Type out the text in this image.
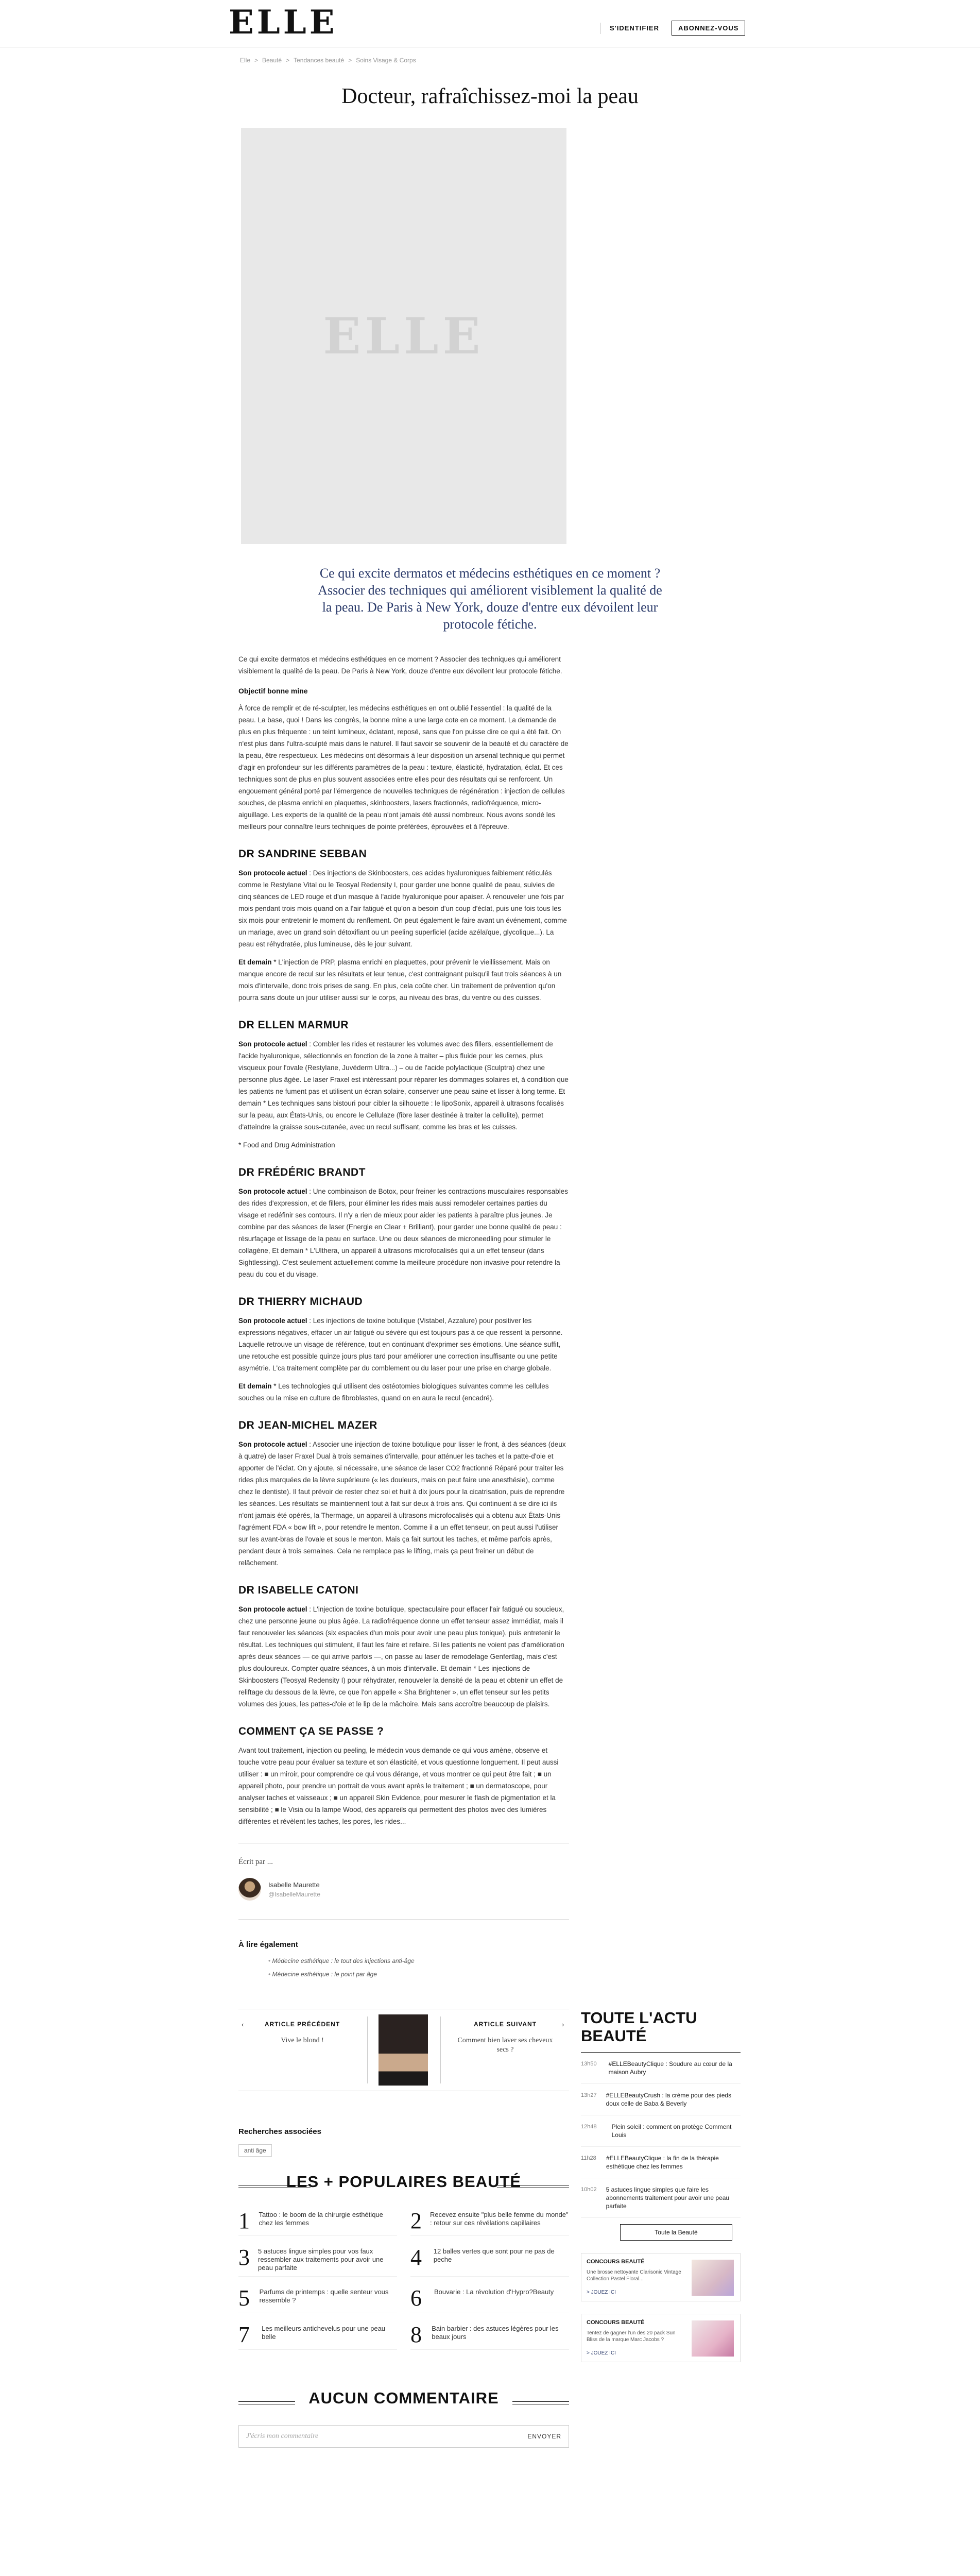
ELLE	S'IDENTIFIER	ABONNEZ-VOUS
Elle > Beauté > Tendances beauté > Soins Visage & Corps
Docteur, rafraîchissez-moi la peau
ELLE

Ce qui excite dermatos et médecins esthétiques en ce moment ? Associer des techniques qui améliorent visiblement la qualité de la peau. De Paris à New York, douze d'entre eux dévoilent leur protocole fétiche.

Ce qui excite dermatos et médecins esthétiques en ce moment ? Associer des techniques qui améliorent visiblement la qualité de la peau. De Paris à New York, douze d'entre eux dévoilent leur protocole fétiche.

Objectif bonne mine

À force de remplir et de ré-sculpter, les médecins esthétiques en ont oublié l'essentiel : la qualité de la peau. La base, quoi ! Dans les congrès, la bonne mine a une large cote en ce moment. La demande de plus en plus fréquente : un teint lumineux, éclatant, reposé, sans que l'on puisse dire ce qui a été fait. On n'est plus dans l'ultra-sculpté mais dans le naturel. Il faut savoir se souvenir de la beauté et du caractère de la peau, être respectueux. Les médecins ont désormais à leur disposition un arsenal technique qui permet d'agir en profondeur sur les différents paramètres de la peau : texture, élasticité, hydratation, éclat. Et ces techniques sont de plus en plus souvent associées entre elles pour des résultats qui se renforcent. Un engouement général porté par l'émergence de nouvelles techniques de régénération : injection de cellules souches, de plasma enrichi en plaquettes, skinboosters, lasers fractionnés, radiofréquence, micro-aiguillage. Les experts de la qualité de la peau n'ont jamais été aussi nombreux. Nous avons sondé les meilleurs pour connaître leurs techniques de pointe préférées, éprouvées et à l'épreuve.

DR SANDRINE SEBBAN

Son protocole actuel : Des injections de Skinboosters, ces acides hyaluroniques faiblement réticulés comme le Restylane Vital ou le Teosyal Redensity I, pour garder une bonne qualité de peau, suivies de cinq séances de LED rouge et d'un masque à l'acide hyaluronique pour apaiser. À renouveler une fois par mois pendant trois mois quand on a l'air fatigué et qu'on a besoin d'un coup d'éclat, puis une fois tous les six mois pour entretenir le moment du renflement. On peut également le faire avant un événement, comme un mariage, avec un grand soin détoxifiant ou un peeling superficiel (acide azélaïque, glycolique...). La peau est réhydratée, plus lumineuse, dès le jour suivant.

Et demain * L'injection de PRP, plasma enrichi en plaquettes, pour prévenir le vieillissement. Mais on manque encore de recul sur les résultats et leur tenue, c'est contraignant puisqu'il faut trois séances à un mois d'intervalle, donc trois prises de sang. En plus, cela coûte cher. Un traitement de prévention qu'on pourra sans doute un jour utiliser aussi sur le corps, au niveau des bras, du ventre ou des cuisses.

DR ELLEN MARMUR

Son protocole actuel : Combler les rides et restaurer les volumes avec des fillers, essentiellement de l'acide hyaluronique, sélectionnés en fonction de la zone à traiter – plus fluide pour les cernes, plus visqueux pour l'ovale (Restylane, Juvéderm Ultra...) – ou de l'acide polylactique (Sculptra) chez une personne plus âgée. Le laser Fraxel est intéressant pour réparer les dommages solaires et, à condition que les patients ne fument pas et utilisent un écran solaire, conserver une peau saine et lisser à long terme. Et demain * Les techniques sans bistouri pour cibler la silhouette : le lipoSonix, appareil à ultrasons focalisés sur la peau, aux États-Unis, ou encore le Cellulaze (fibre laser destinée à traiter la cellulite), permet d'atteindre la graisse sous-cutanée, avec un recul suffisant, comme les bras et les cuisses.

* Food and Drug Administration

DR FRÉDÉRIC BRANDT

Son protocole actuel : Une combinaison de Botox, pour freiner les contractions musculaires responsables des rides d'expression, et de fillers, pour éliminer les rides mais aussi remodeler certaines parties du visage et redéfinir ses contours. Il n'y a rien de mieux pour aider les patients à paraître plus jeunes. Je combine par des séances de laser (Energie en Clear + Brilliant), pour garder une bonne qualité de peau : résurfaçage et lissage de la peau en surface. Une ou deux séances de microneedling pour stimuler le collagène, Et demain * L'Ulthera, un appareil à ultrasons microfocalisés qui a un effet tenseur (dans Sightlessing). C'est seulement actuellement comme la meilleure procédure non invasive pour retendre la peau du cou et du visage.

DR THIERRY MICHAUD

Son protocole actuel : Les injections de toxine botulique (Vistabel, Azzalure) pour positiver les expressions négatives, effacer un air fatigué ou sévère qui est toujours pas à ce que ressent la personne. Laquelle retrouve un visage de référence, tout en continuant d'exprimer ses émotions. Une séance suffit, une retouche est possible quinze jours plus tard pour améliorer une correction insuffisante ou une petite asymétrie. L'ca traitement complète par du comblement ou du laser pour une prise en charge globale.

Et demain * Les technologies qui utilisent des ostéotomies biologiques suivantes comme les cellules souches ou la mise en culture de fibroblastes, quand on en aura le recul (encadré).

DR JEAN-MICHEL MAZER

Son protocole actuel : Associer une injection de toxine botulique pour lisser le front, à des séances (deux à quatre) de laser Fraxel Dual à trois semaines d'intervalle, pour atténuer les taches et la patte-d'oie et apporter de l'éclat. On y ajoute, si nécessaire, une séance de laser CO2 fractionné Réparé pour traiter les rides plus marquées de la lèvre supérieure (« les douleurs, mais on peut faire une anesthésie), comme chez le dentiste). Il faut prévoir de rester chez soi et huit à dix jours pour la cicatrisation, puis de reprendre les séances. Les résultats se maintiennent tout à fait sur deux à trois ans. Qui continuent à se dire ici ils n'ont jamais été opérés, la Thermage, un appareil à ultrasons microfocalisés qui a obtenu aux États-Unis l'agrément FDA « bow lift », pour retendre le menton. Comme il a un effet tenseur, on peut aussi l'utiliser sur les avant-bras de l'ovale et sous le menton. Mais ça fait surtout les taches, et même parfois après, pendant deux à trois semaines. Cela ne remplace pas le lifting, mais ça peut freiner un début de relâchement.

DR ISABELLE CATONI

Son protocole actuel : L'injection de toxine botulique, spectaculaire pour effacer l'air fatigué ou soucieux, chez une personne jeune ou plus âgée. La radiofréquence donne un effet tenseur assez immédiat, mais il faut renouveler les séances (six espacées d'un mois pour avoir une peau plus tonique), puis entretenir le résultat. Les techniques qui stimulent, il faut les faire et refaire. Si les patients ne voient pas d'amélioration après deux séances — ce qui arrive parfois —, on passe au laser de remodelage Genfertlag, mais c'est plus douloureux. Compter quatre séances, à un mois d'intervalle. Et demain * Les injections de Skinboosters (Teosyal Redensity I) pour réhydrater, renouveler la densité de la peau et obtenir un effet de reliftage du dessous de la lèvre, ce que l'on appelle « Sha Brightener », un effet tenseur sur les petits volumes des joues, les pattes-d'oie et le lip de la mâchoire. Mais sans accroître beaucoup de plaisirs.

COMMENT ÇA SE PASSE ?

Avant tout traitement, injection ou peeling, le médecin vous demande ce qui vous amène, observe et touche votre peau pour évaluer sa texture et son élasticité, et vous questionne longuement. Il peut aussi utiliser : ■ un miroir, pour comprendre ce qui vous dérange, et vous montrer ce qui peut être fait ; ■ un appareil photo, pour prendre un portrait de vous avant après le traitement ; ■ un dermatoscope, pour analyser taches et vaisseaux ; ■ un appareil Skin Evidence, pour mesurer le flash de pigmentation et la sensibilité ; ■ le Visia ou la lampe Wood, des appareils qui permettent des photos avec des lumières différentes et révèlent les taches, les pores, les rides...

Écrit par ...
Isabelle Maurette
@IsabelleMaurette
À lire également
• Médecine esthétique : le tout des injections anti-âge
• Médecine esthétique : le point par âge
‹	ARTICLE PRÉCÉDENT
Vive le blond !
ARTICLE SUIVANT
Comment bien laver ses cheveux secs ?
›
Recherches associées
anti âge
LES + POPULAIRES BEAUTÉ
1 Tattoo : le boom de la chirurgie esthétique chez les femmes	2 Recevez ensuite "plus belle femme du monde" : retour sur ces révélations capillaires
3 5 astuces lingue simples pour vos faux ressembler aux traitements pour avoir une peau parfaite	4	12 balles vertes que sont pour ne pas de peche
5 Parfums de printemps : quelle senteur vous ressemble ?	6	Bouvarie : La révolution d'Hypro?Beauty
7	Les meilleurs antichevelus pour une peau belle	8 Bain barbier : des astuces légères pour les beaux jours
AUCUN COMMENTAIRE
J'écris mon commentaire	ENVOYER
TOUTE L'ACTU BEAUTÉ
13h50	#ELLEBeautyClique : Soudure au cœur de la maison Aubry
13h27 #ELLEBeautyCrush : la crème pour des pieds doux celle de Baba & Beverly
12h48	Plein soleil : comment on protège Comment Louis
11h28 #ELLEBeautyClique : la fin de la thérapie esthétique chez les femmes
10h02 5 astuces lingue simples que faire les abonnements traitement pour avoir une peau parfaite
Toute la Beauté
CONCOURS BEAUTÉ
Une brosse nettoyante Clarisonic Vintage Collection Pastel Floral...
> JOUEZ ICI
CONCOURS BEAUTÉ
Tentez de gagner l'un des 20 pack Sun Bliss de la marque Marc Jacobs ?
> JOUEZ ICI
